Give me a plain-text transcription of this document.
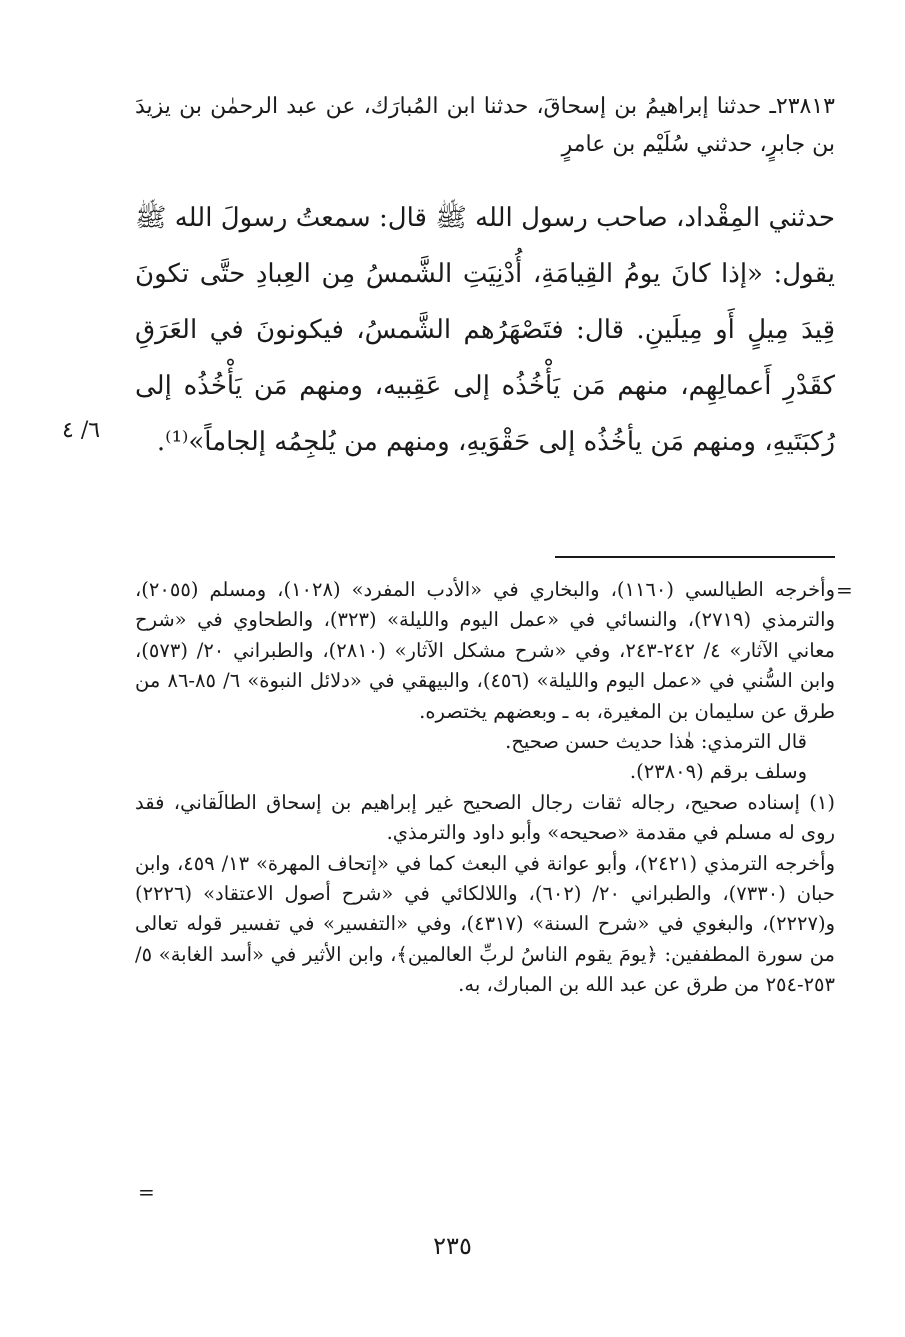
٢٣٨١٣ـ حدثنا إبراهيمُ بن إسحاقَ، حدثنا ابن المُبارَك، عن عبد الرحمٰن بن يزيدَ بن جابرٍ، حدثني سُلَيْم بن عامرٍ
حدثني المِقْداد، صاحب رسول الله ﷺ قال: سمعتُ رسولَ الله ﷺ يقول: «إذا كانَ يومُ القِيامَةِ، أُدْنِيَتِ الشَّمسُ مِن العِبادِ حتَّى تكونَ قِيدَ مِيلٍ أَو مِيلَينِ. قال: فتَصْهَرُهم الشَّمسُ، فيكونونَ في العَرَقِ كقَدْرِ أَعمالِهِم، منهم مَن يَأْخُذُه إلى عَقِبيه، ومنهم مَن يَأْخُذُه إلى رُكبَتَيهِ، ومنهم مَن يأخُذُه إلى حَقْوَيهِ، ومنهم من يُلجِمُه إلجاماً»⁽¹⁾.
٦/ ٤
=

وأخرجه الطيالسي (١١٦٠)، والبخاري في «الأدب المفرد» (١٠٢٨)، ومسلم (٢٠٥٥)، والترمذي (٢٧١٩)، والنسائي في «عمل اليوم والليلة» (٣٢٣)، والطحاوي في «شرح معاني الآثار» ٤/ ٢٤٢-٢٤٣، وفي «شرح مشكل الآثار» (٢٨١٠)، والطبراني ٢٠/ (٥٧٣)، وابن السُّني في «عمل اليوم والليلة» (٤٥٦)، والبيهقي في «دلائل النبوة» ٦/ ٨٥-٨٦ من طرق عن سليمان بن المغيرة، به ـ وبعضهم يختصره.

قال الترمذي: هٰذا حديث حسن صحيح.

وسلف برقم (٢٣٨٠٩).

(١) إسناده صحيح، رجاله ثقات رجال الصحيح غير إبراهيم بن إسحاق الطالَقاني، فقد روى له مسلم في مقدمة «صحيحه» وأبو داود والترمذي.

وأخرجه الترمذي (٢٤٢١)، وأبو عوانة في البعث كما في «إتحاف المهرة» ١٣/ ٤٥٩، وابن حبان (٧٣٣٠)، والطبراني ٢٠/ (٦٠٢)، واللالكائي في «شرح أصول الاعتقاد» (٢٢٢٦) و(٢٢٢٧)، والبغوي في «شرح السنة» (٤٣١٧)، وفي «التفسير» في تفسير قوله تعالى من سورة المطففين: ﴿يومَ يقوم الناسُ لربِّ العالمين﴾، وابن الأثير في «أسد الغابة» ٥/ ٢٥٣-٢٥٤ من طرق عن عبد الله بن المبارك، به.

=
٢٣٥
